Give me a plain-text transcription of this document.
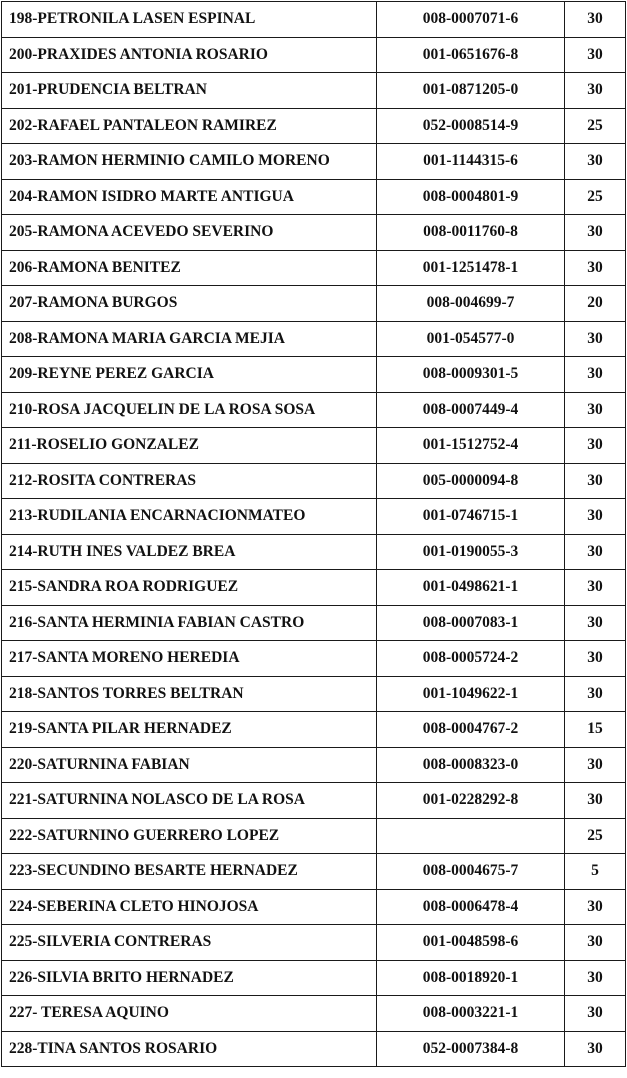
198-PETRONILA LASEN ESPINAL	008-0007071-6	30
200-PRAXIDES ANTONIA ROSARIO	001-0651676-8	30
201-PRUDENCIA BELTRAN	001-0871205-0	30
202-RAFAEL PANTALEON RAMIREZ	052-0008514-9	25
203-RAMON HERMINIO CAMILO MORENO	001-1144315-6	30
204-RAMON ISIDRO MARTE ANTIGUA	008-0004801-9	25
205-RAMONA ACEVEDO SEVERINO	008-0011760-8	30
206-RAMONA BENITEZ	001-1251478-1	30
207-RAMONA BURGOS	008-004699-7	20
208-RAMONA MARIA GARCIA MEJIA	001-054577-0	30
209-REYNE PEREZ GARCIA	008-0009301-5	30
210-ROSA JACQUELIN DE LA ROSA SOSA	008-0007449-4	30
211-ROSELIO GONZALEZ	001-1512752-4	30
212-ROSITA CONTRERAS	005-0000094-8	30
213-RUDILANIA ENCARNACIONMATEO	001-0746715-1	30
214-RUTH INES VALDEZ BREA	001-0190055-3	30
215-SANDRA ROA RODRIGUEZ	001-0498621-1	30
216-SANTA HERMINIA FABIAN CASTRO	008-0007083-1	30
217-SANTA MORENO HEREDIA	008-0005724-2	30
218-SANTOS TORRES BELTRAN	001-1049622-1	30
219-SANTA PILAR HERNADEZ	008-0004767-2	15
220-SATURNINA FABIAN	008-0008323-0	30
221-SATURNINA NOLASCO DE LA ROSA	001-0228292-8	30
222-SATURNINO GUERRERO LOPEZ		25
223-SECUNDINO BESARTE HERNADEZ	008-0004675-7	5
224-SEBERINA CLETO HINOJOSA	008-0006478-4	30
225-SILVERIA CONTRERAS	001-0048598-6	30
226-SILVIA BRITO HERNADEZ	008-0018920-1	30
227- TERESA AQUINO	008-0003221-1	30
228-TINA SANTOS ROSARIO	052-0007384-8	30
